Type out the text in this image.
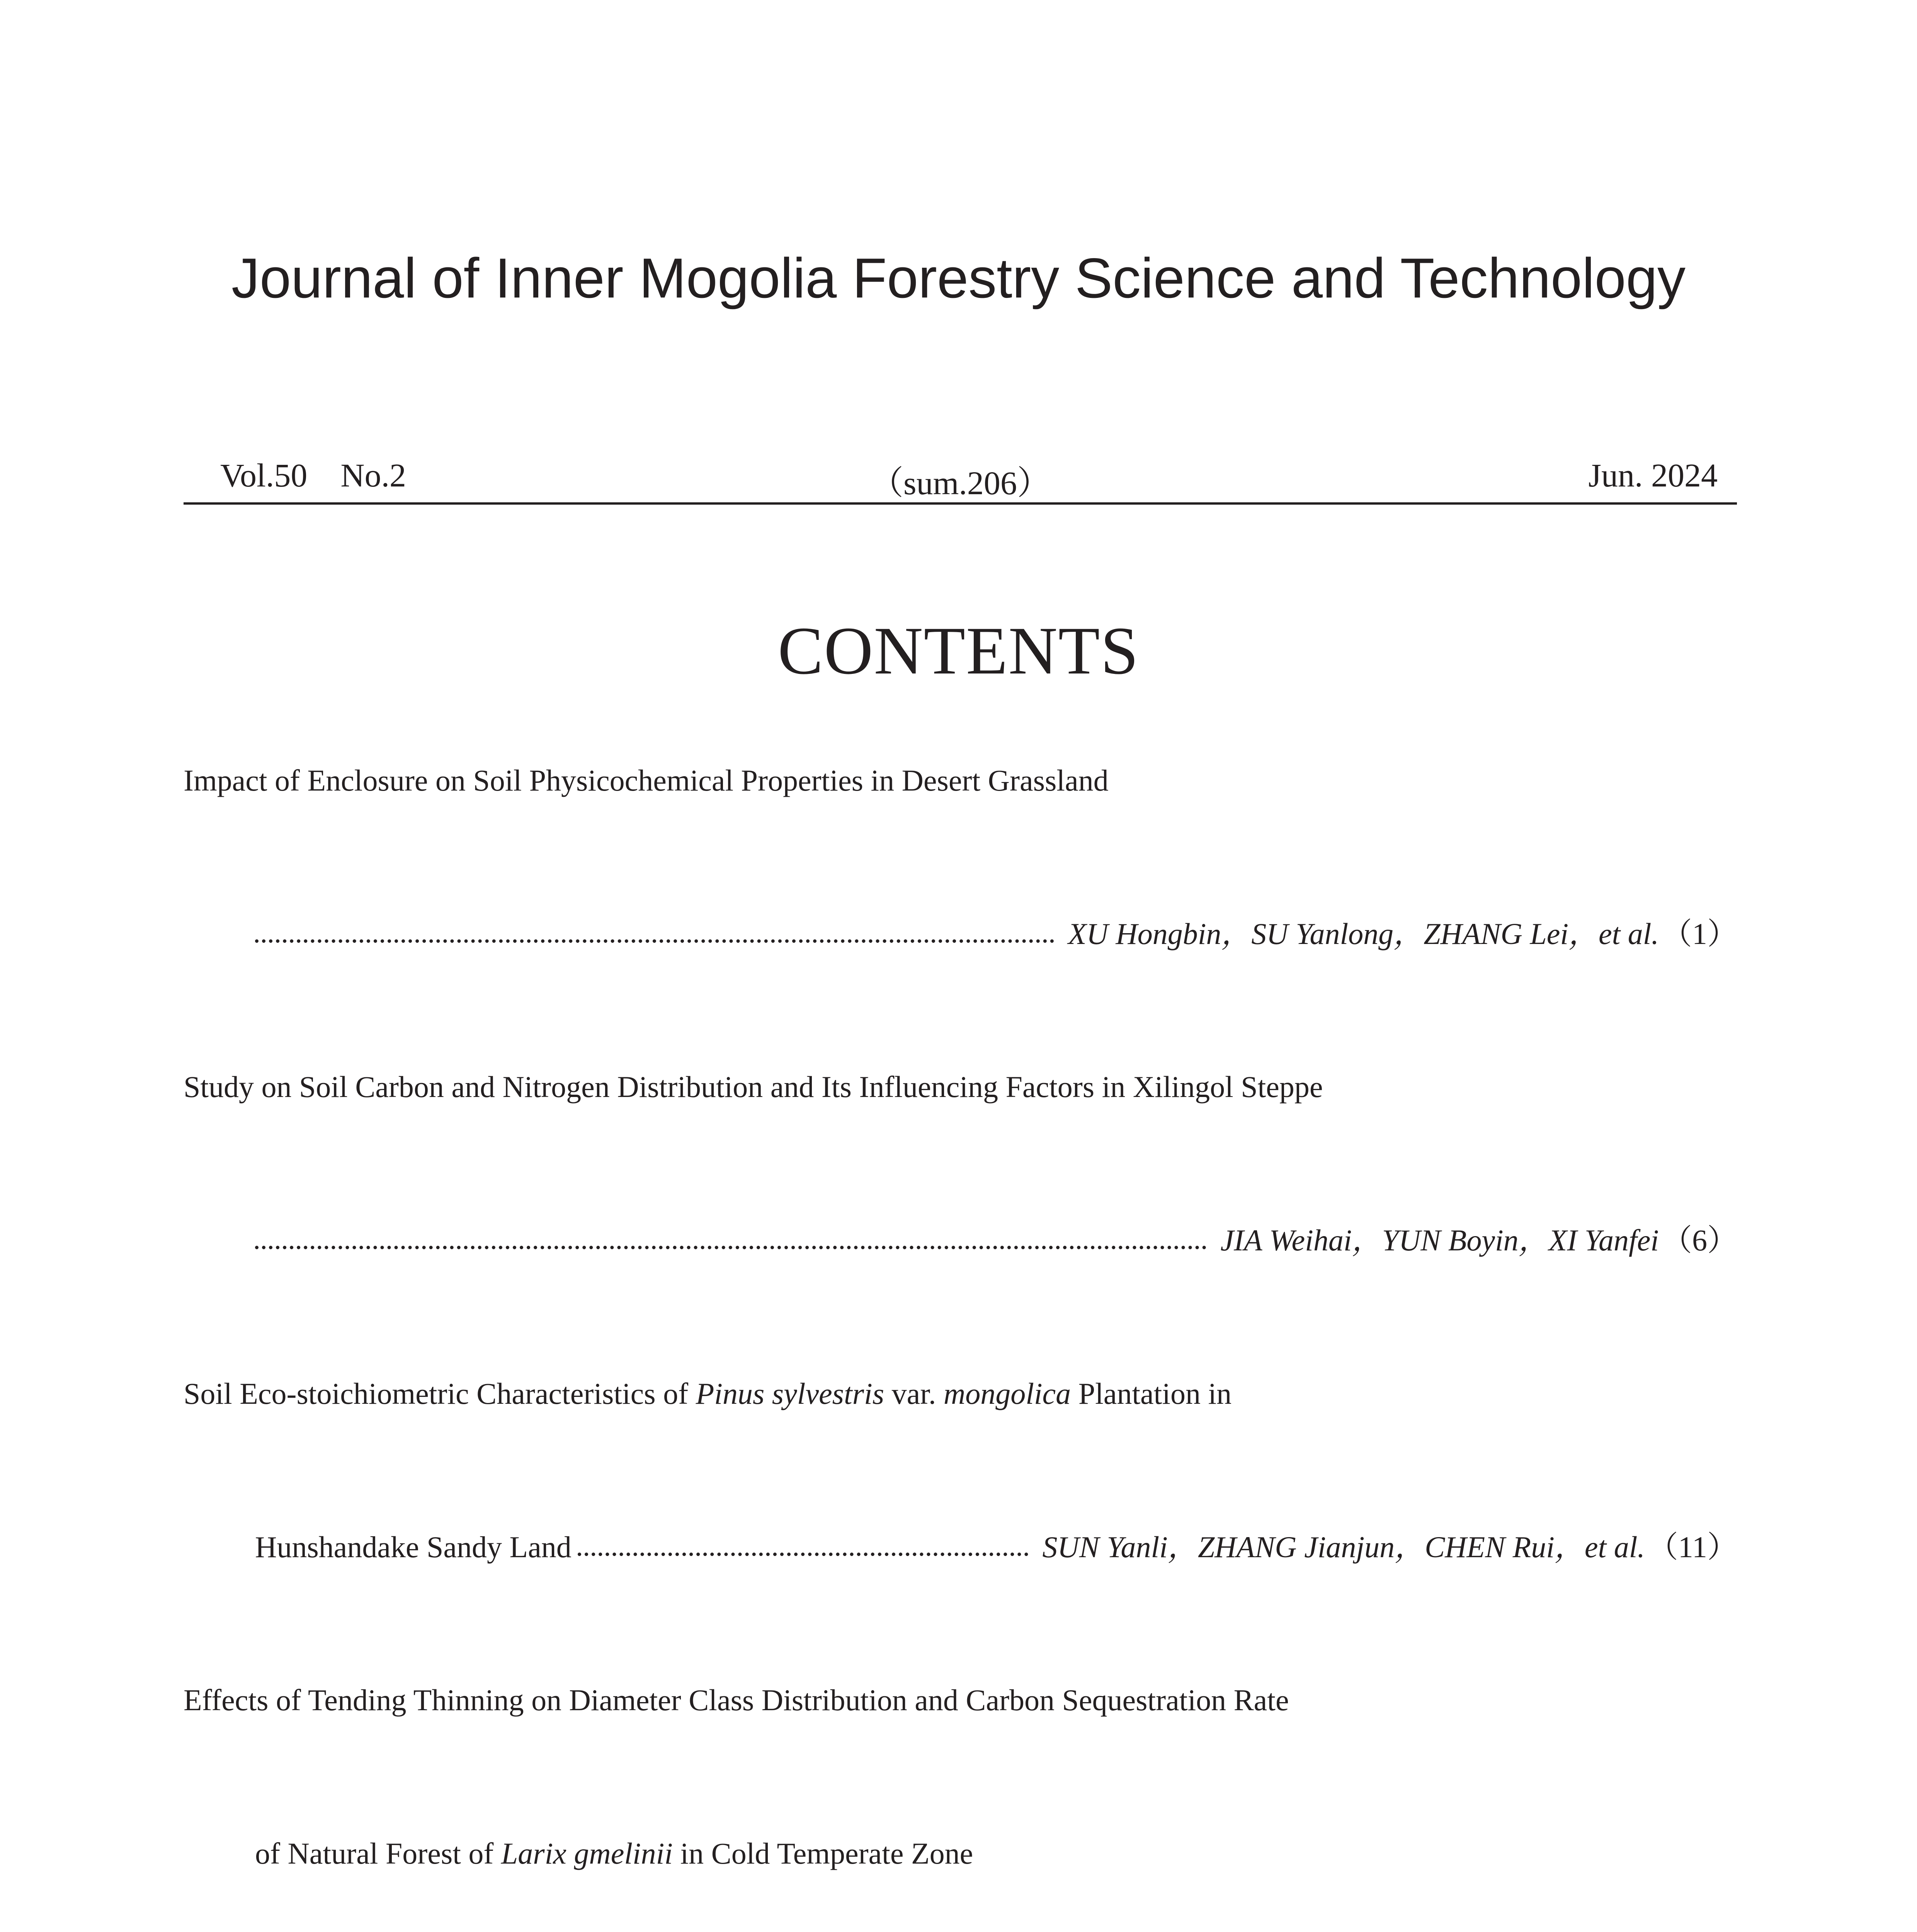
Journal of Inner Mogolia Forestry Science and Technology
Vol.50    No.2	（sum.206）	Jun. 2024
CONTENTS
Impact of Enclosure on Soil Physicochemical Properties in Desert Grassland
XU Hongbin，SU Yanlong，ZHANG Lei，et al. （1）
Study on Soil Carbon and Nitrogen Distribution and Its Influencing Factors in Xilingol Steppe
JIA Weihai，YUN Boyin，XI Yanfei （6）
Soil Eco-stoichiometric Characteristics of Pinus sylvestris var. mongolica Plantation in
Hunshandake Sandy Land	SUN Yanli，ZHANG Jianjun，CHEN Rui，et al. （11）
Effects of Tending Thinning on Diameter Class Distribution and Carbon Sequestration Rate
of Natural Forest of Larix gmelinii in Cold Temperate Zone
